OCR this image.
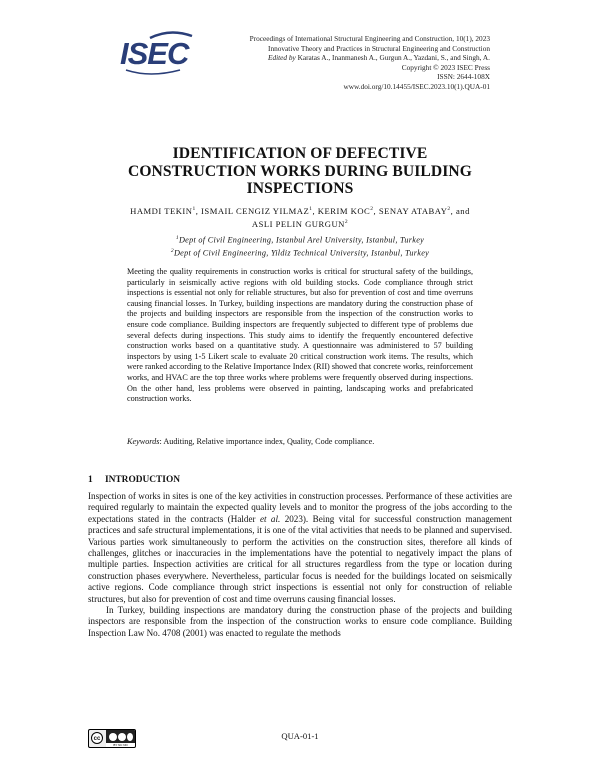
ISEC	Proceedings of International Structural Engineering and Construction, 10(1), 2023
Innovative Theory and Practices in Structural Engineering and Construction
Edited by Karatas A., Inanmanesh A., Gurgun A., Yazdani, S., and Singh, A.
Copyright © 2023 ISEC Press
ISSN: 2644-108X
www.doi.org/10.14455/ISEC.2023.10(1).QUA-01
IDENTIFICATION OF DEFECTIVE
CONSTRUCTION WORKS DURING BUILDING
INSPECTIONS
HAMDI TEKIN$^1$, ISMAIL CENGIZ YILMAZ$^1$, KERIM KOC$^2$, SENAY ATABAY$^2$, and
ASLI PELIN GURGUN$^2$
$^1$Dept of Civil Engineering, Istanbul Arel University, Istanbul, Turkey
$^2$Dept of Civil Engineering, Yildiz Technical University, Istanbul, Turkey
Meeting the quality requirements in construction works is critical for structural safety of the buildings, particularly in seismically active regions with old building stocks. Code compliance through strict inspections is essential not only for reliable structures, but also for prevention of cost and time overruns causing financial losses. In Turkey, building inspections are mandatory during the construction phase of the projects and building inspectors are responsible from the inspection of the construction works to ensure code compliance. Building inspectors are frequently subjected to different type of problems due several defects during inspections. This study aims to identify the frequently encountered defective construction works based on a quantitative study. A questionnaire was administered to 57 building inspectors by using 1-5 Likert scale to evaluate 20 critical construction work items. The results, which were ranked according to the Relative Importance Index (RII) showed that concrete works, reinforcement works, and HVAC are the top three works where problems were frequently observed during inspections. On the other hand, less problems were observed in painting, landscaping works and prefabricated construction works.
Keywords: Auditing, Relative importance index, Quality, Code compliance.
1 INTRODUCTION

Inspection of works in sites is one of the key activities in construction processes. Performance of these activities are required regularly to maintain the expected quality levels and to monitor the progress of the jobs according to the expectations stated in the contracts (Halder et al. 2023). Being vital for successful construction management practices and safe structural implementations, it is one of the vital activities that needs to be planned and supervised. Various parties work simultaneously to perform the activities on the construction sites, therefore all kinds of challenges, glitches or inaccuracies in the implementations have the potential to negatively impact the plans of multiple parties. Inspection activities are critical for all structures regardless from the type or location during construction phases everywhere. Nevertheless, particular focus is needed for the buildings located on seismically active regions. Code compliance through strict inspections is essential not only for construction of reliable structures, but also for prevention of cost and time overruns causing financial losses.

In Turkey, building inspections are mandatory during the construction phase of the projects and building inspectors are responsible from the inspection of the construction works to ensure code compliance. Building Inspection Law No. 4708 (2001) was enacted to regulate the methods

cc
BY NC ND
QUA-01-1
